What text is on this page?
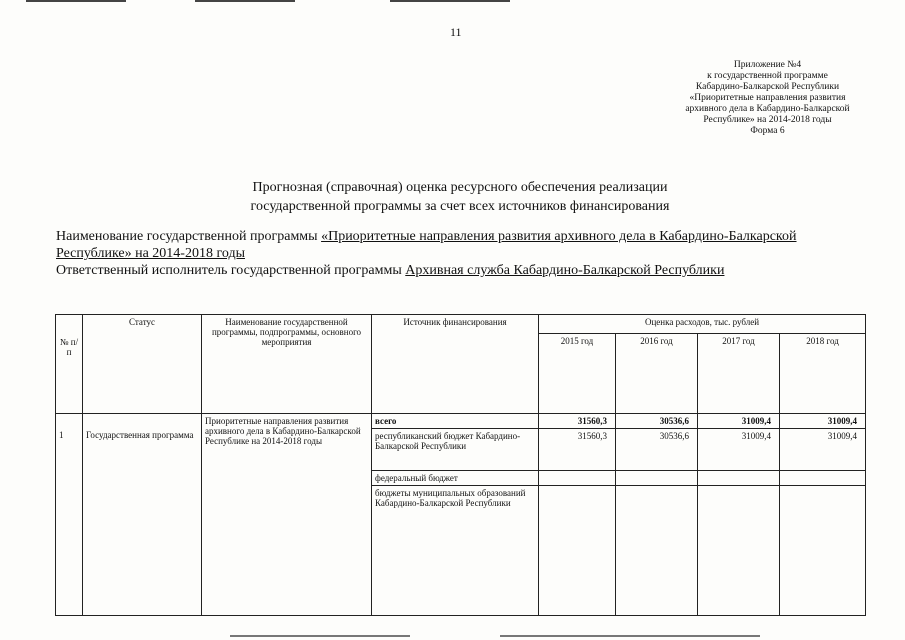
11
Приложение №4
к государственной программе
Кабардино-Балкарской Республики
«Приоритетные направления развития
архивного дела в Кабардино-Балкарской
Республике» на 2014-2018 годы
Форма 6
Прогнозная (справочная) оценка ресурсного обеспечения реализации
государственной программы за счет всех источников финансирования
Наименование государственной программы «Приоритетные направления развития архивного дела в Кабардино-Балкарской Республике» на 2014-2018 годы
Ответственный исполнитель государственной программы Архивная служба Кабардино-Балкарской Республики
№ п/п	Статус	Наименование государственной программы, подпрограммы, основного мероприятия	Источник финансирования	Оценка расходов, тыс. рублей			
				2015 год	2016 год	2017 год	2018 год
1	Государственная программа	Приоритетные направления развития архивного дела в Кабардино-Балкарской Республике на 2014-2018 годы	всего	31560,3	30536,6	31009,4	31009,4
			республиканский бюджет Кабардино-Балкарской Республики	31560,3	30536,6	31009,4	31009,4
			федеральный бюджет				
			бюджеты муниципальных образований Кабардино-Балкарской Республики				
